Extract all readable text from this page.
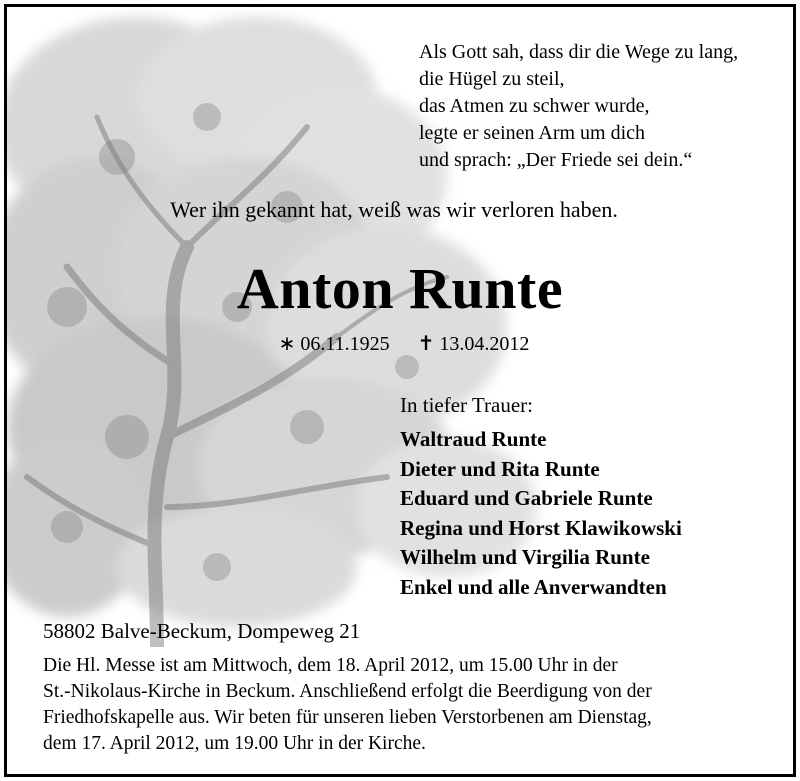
Als Gott sah, dass dir die Wege zu lang,
die Hügel zu steil,
das Atmen zu schwer wurde,
legte er seinen Arm um dich
und sprach: „Der Friede sei dein.“
Wer ihn gekannt hat, weiß was wir verloren haben.
Anton Runte
∗ 06.11.1925 ✝ 13.04.2012
In tiefer Trauer:
Waltraud Runte
Dieter und Rita Runte
Eduard und Gabriele Runte
Regina und Horst Klawikowski
Wilhelm und Virgilia Runte
Enkel und alle Anverwandten
58802 Balve-Beckum, Dompeweg 21
Die Hl. Messe ist am Mittwoch, dem 18. April 2012, um 15.00 Uhr in der
St.-Nikolaus-Kirche in Beckum. Anschließend erfolgt die Beerdigung von der
Friedhofskapelle aus. Wir beten für unseren lieben Verstorbenen am Dienstag,
dem 17. April 2012, um 19.00 Uhr in der Kirche.
